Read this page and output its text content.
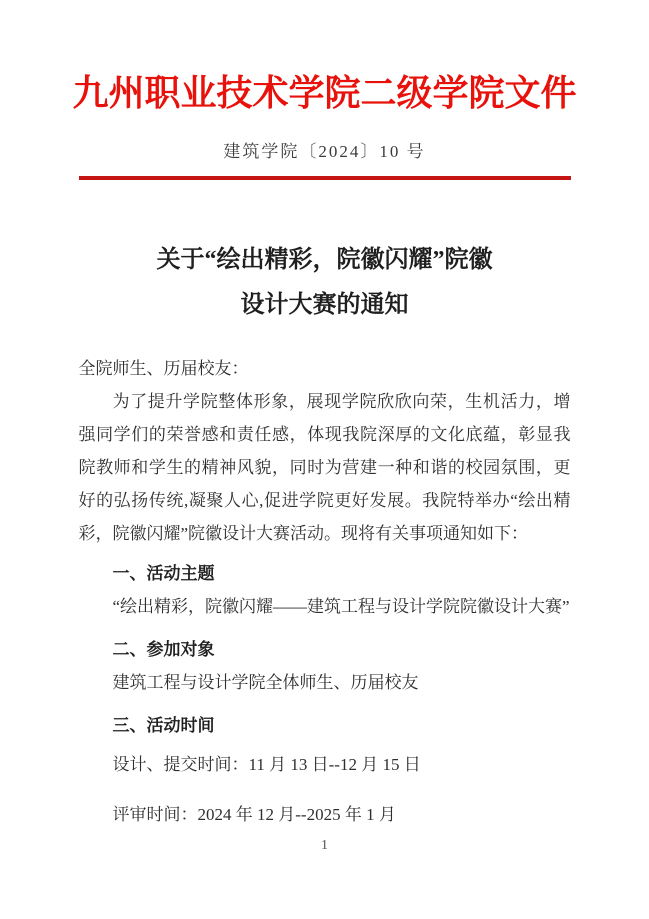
九州职业技术学院二级学院文件
建筑学院〔2024〕10 号
关于“绘出精彩，院徽闪耀”院徽
设计大赛的通知
全院师生、历届校友：

为了提升学院整体形象，展现学院欣欣向荣，生机活力，增强同学们的荣誉感和责任感，体现我院深厚的文化底蕴，彰显我院教师和学生的精神风貌，同时为营建一种和谐的校园氛围，更好的弘扬传统,凝聚人心,促进学院更好发展。我院特举办“绘出精彩，院徽闪耀”院徽设计大赛活动。现将有关事项通知如下：

一、活动主题

“绘出精彩，院徽闪耀——建筑工程与设计学院院徽设计大赛”

二、参加对象

建筑工程与设计学院全体师生、历届校友

三、活动时间

设计、提交时间：11 月 13 日--12 月 15 日

评审时间：2024 年 12 月--2025 年 1 月

1
